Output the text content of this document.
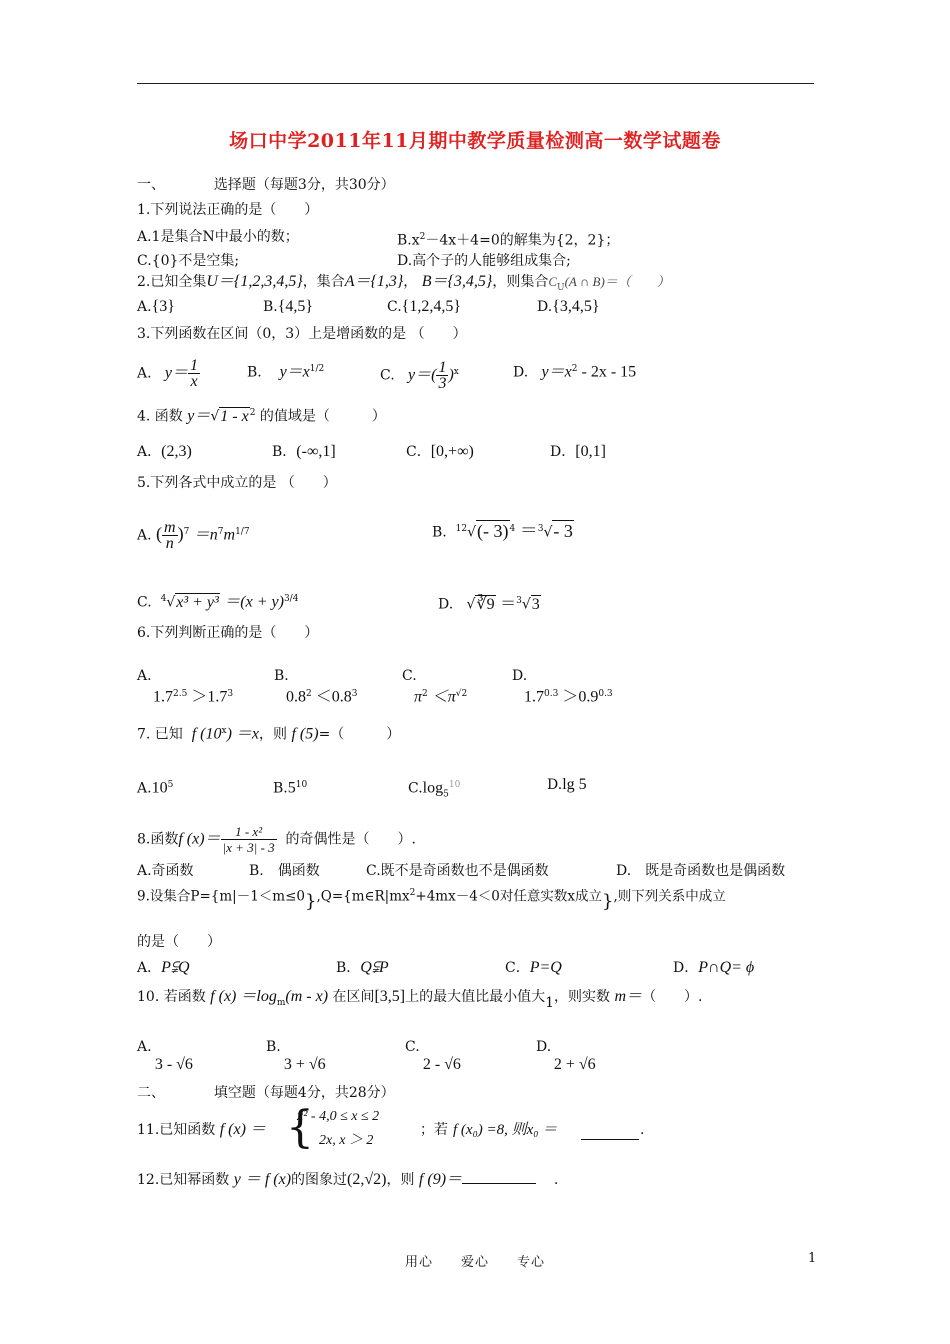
场口中学2011年11月期中教学质量检测高一数学试题卷
一、	选择题（每题3分，共30分）
1.下列说法正确的是（　　）
A.1是集合N中最小的数；	$B.x^2-4x+4=0$的解集为{2，2}；
C.{0}不是空集;	D.高个子的人能够组成集合;
2.已知全集U＝{1,2,3,4,5}，集合A＝{1,3}， B＝{3,4,5}，则集合$C_U(A$ ∩ B)＝（　　）
A.{3}	B.{4,5}	C.{1,2,4,5}	D.{3,4,5}
3.下列函数在区间（0，3）上是增函数的是 （　　）
A. $y= \frac{1}{x}$	B. $y=x^{1/2}$	C. $y=( \frac{1}{3} )^x$	D. $y=x^2 - 2x - 15$
4. 函数 $y=√1 - x^2$ 的值域是（　　　）
A．(2,3)	B．(-∞,1]	C．[0,+∞)	D．[0,1]
5.下列各式中成立的是 （　　）
A. ( $\frac{m}{n} )^7 =n^7m^{1/7}$	B. $^{12}$√(- 3)$^4$ ＝$^3$√- 3
C. $^4√x^3 + y^3 =(x + y)^{3/4}$	D.   √∛9 ＝$^3$√3
6.下列判断正确的是（　　）
A.
$1.7^{2.5} >1.7^3$
B.
$0.8^2 <0.8^3$
C.
$\pi^2 <\pi^{√2}$
D.
$1.7^{0.3} >0.9^{0.3}$
7. 已知 f $(10^x) =x$，则 f (5)=（　　　）
$A.10^5$	$B.5^{10}$	$C.\log_5^{10}$	D.lg 5
8.函数f $(x)= \frac{\text{1 - x²}}{|x + 3| - 3}$ 的奇偶性是（　　）.
A.奇函数	B.　偶函数	C.既不是奇函数也不是偶函数	D.　既是奇函数也是偶函数
9.设集合$P=\{m|-1<m\le 0\},Q=\{m\in R|mx^2+4mx-4<0$对任意实数x成立},则下列关系中成立
的是（　　）
A．P⫋Q	B．Q⫋P	C．P=Q	D．P∩Q= ϕ
10. 若函数 f $(x) =\log_m(m - x)$ 在区间[3,5]上的最大值比最小值大1，则实数 m＝（　　）.
A.
3 - √6
B.
3 + √6
C.
2 - √6
D.
2 + √6
二、	填空题（每题4分，共28分）
11.已知函数 f (x) ＝ {
x² - 4,0 ≤ x ≤ 2
2x, x ＞ 2
；若 f (x₀) =8, 则x₀ ＝	.
12.已知幂函数 y ＝ f (x)的图象过(2,√2)，则 f (9)＝	.
用心　　爱心　　专心	1
